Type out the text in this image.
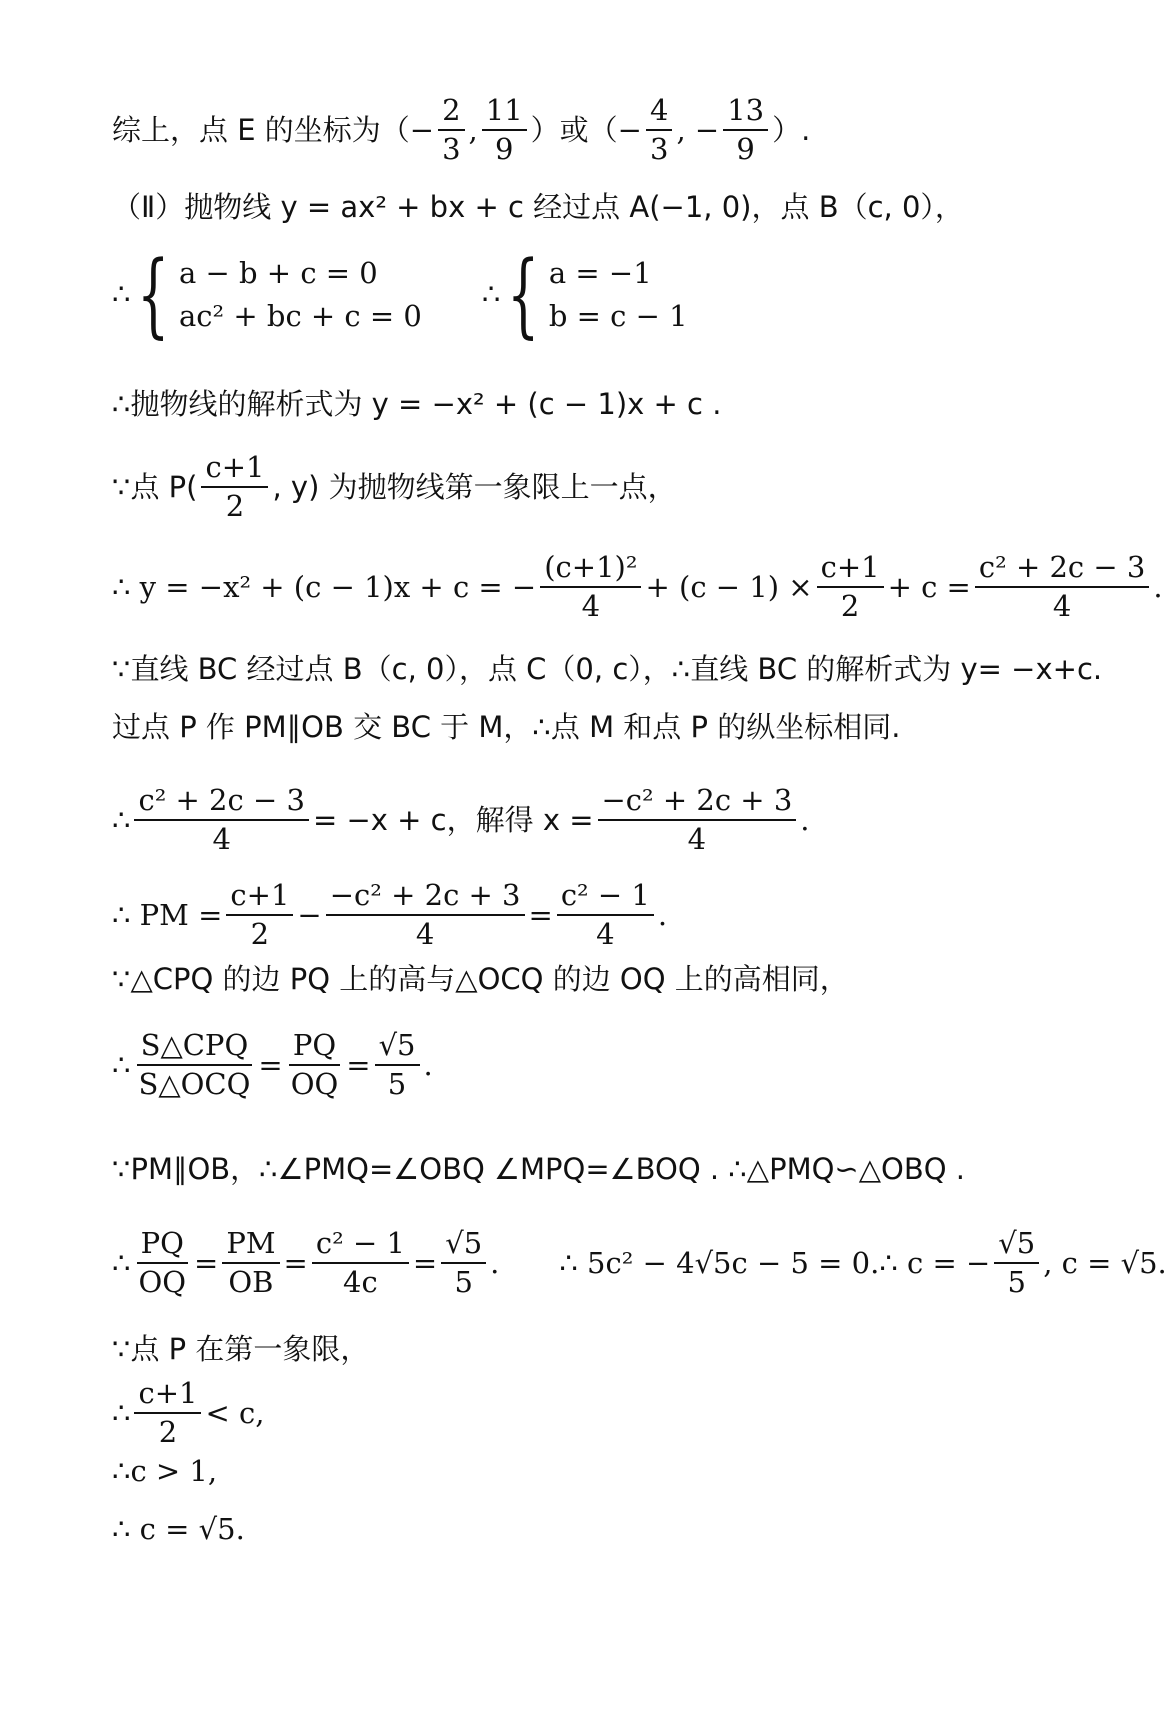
综上，点 E 的坐标为（ − $\frac{2}{3}$ , $\frac{11}{9}$ ）或（ − $\frac{4}{3}$ , − $\frac{13}{9}$ ）.
（Ⅱ）抛物线 y = ax² + bx + c 经过点 A(−1, 0)，点 B（c, 0），
∴ { a − b + c = 0
ac² + bc + c = 0
∴ { a = −1
b = c − 1
∴抛物线的解析式为 y = −x² + (c − 1)x + c .
∵点 $P( \frac{c+1}{2}$ , y) 为抛物线第一象限上一点，
∴ y = −x² + (c − 1)x + c = − $\frac{\text{(c+1)²}}{4} + (c - 1) \times \frac{c+1}{2} + c = \frac{\text{c² + 2c − 3}}{4}$ .
∵直线 BC 经过点 B（c, 0），点 C（0, c），∴直线 BC 的解析式为 y= −x+c.
过点 P 作 PM∥OB 交 BC 于 M，∴点 M 和点 P 的纵坐标相同.
∴ $\frac{\text{c² + 2c − 3}}{4} = -x + c$，解得 $x = \frac{\text{−c² + 2c + 3}}{4}$ .
∴ PM = $\frac{c+1}{2} - \frac{\text{−c² + 2c + 3}}{4} = \frac{\text{c² − 1}}{4}$ .
∵△CPQ 的边 PQ 上的高与△OCQ 的边 OQ 上的高相同，
∴ $\frac{\text{S△CPQ}}{\text{S△OCQ}} = \frac{PQ}{OQ} = \frac{√5}{5}$ .
∵PM∥OB，∴∠PMQ=∠OBQ ∠MPQ=∠BOQ . ∴△PMQ∽△OBQ .
∴ $\frac{PQ}{OQ} = \frac{PM}{OB} = \frac{\text{c² − 1}}{4c} = \frac{√5}{5}$ . ∴ 5c² − 4√5c − 5 = 0.∴ c = − $\frac{√5}{5}$ , c = √5.
∵点 P 在第一象限，
∴ $\frac{c+1}{2} < c$,
∴c > 1,
∴ c = √5.
